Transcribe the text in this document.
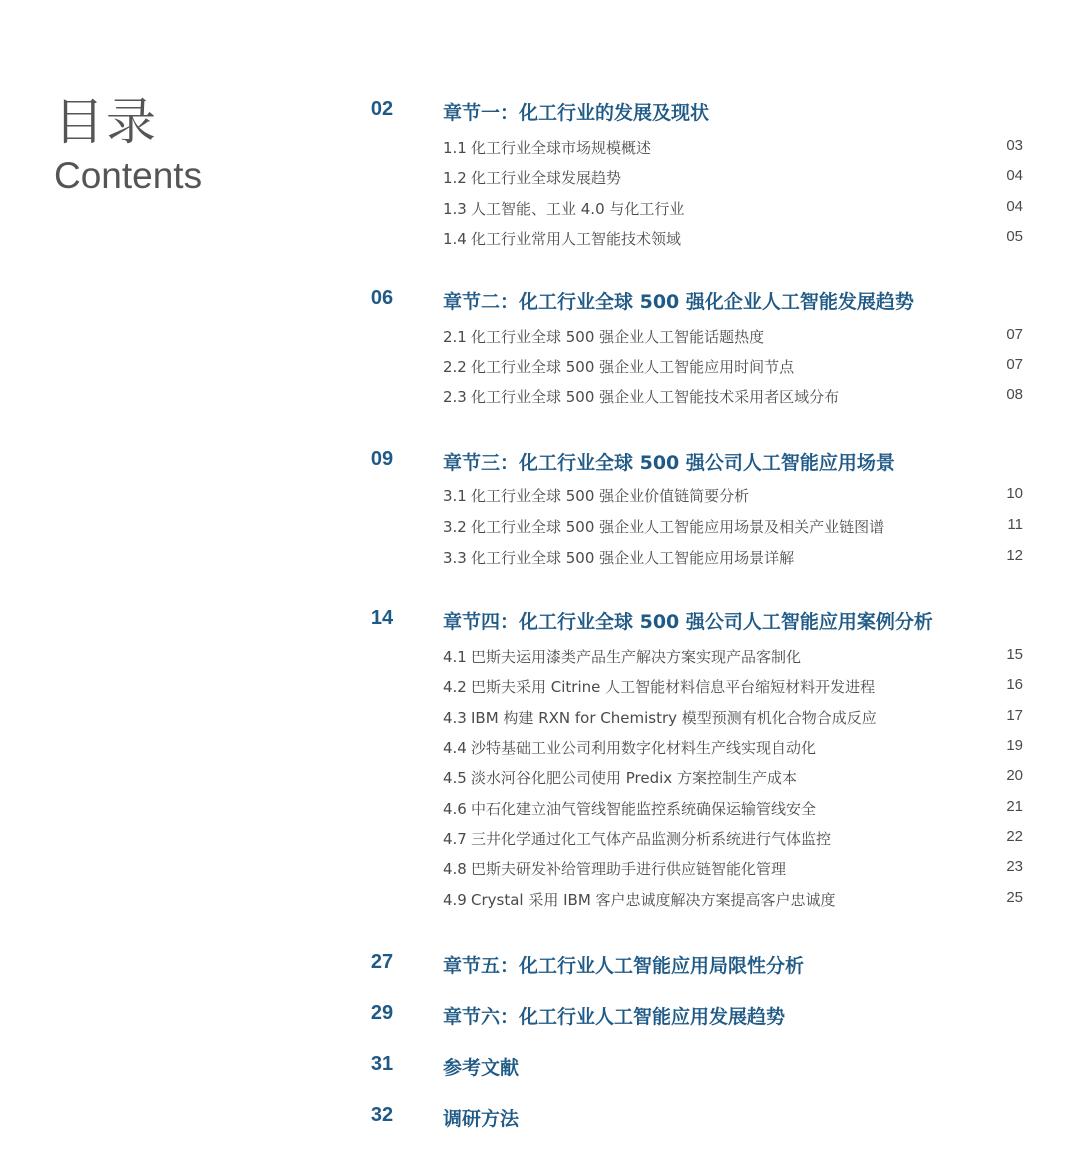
目录
Contents
02	章节一：化工行业的发展及现状
1.1 化工行业全球市场规模概述	03
1.2 化工行业全球发展趋势	04
1.3 人工智能、工业 4.0 与化工行业	04
1.4 化工行业常用人工智能技术领域	05
06	章节二：化工行业全球 500 强化企业人工智能发展趋势
2.1 化工行业全球 500 强企业人工智能话题热度	07
2.2 化工行业全球 500 强企业人工智能应用时间节点	07
2.3 化工行业全球 500 强企业人工智能技术采用者区域分布	08
09	章节三：化工行业全球 500 强公司人工智能应用场景
3.1 化工行业全球 500 强企业价值链简要分析	10
3.2 化工行业全球 500 强企业人工智能应用场景及相关产业链图谱	11
3.3 化工行业全球 500 强企业人工智能应用场景详解	12
14	章节四：化工行业全球 500 强公司人工智能应用案例分析
4.1 巴斯夫运用漆类产品生产解决方案实现产品客制化	15
4.2 巴斯夫采用 Citrine 人工智能材料信息平台缩短材料开发进程	16
4.3 IBM 构建 RXN for Chemistry 模型预测有机化合物合成反应	17
4.4 沙特基础工业公司利用数字化材料生产线实现自动化	19
4.5 淡水河谷化肥公司使用 Predix 方案控制生产成本	20
4.6 中石化建立油气管线智能监控系统确保运输管线安全	21
4.7 三井化学通过化工气体产品监测分析系统进行气体监控	22
4.8 巴斯夫研发补给管理助手进行供应链智能化管理	23
4.9 Crystal 采用 IBM 客户忠诚度解决方案提高客户忠诚度	25
27	章节五：化工行业人工智能应用局限性分析
29	章节六：化工行业人工智能应用发展趋势
31	参考文献
32	调研方法
